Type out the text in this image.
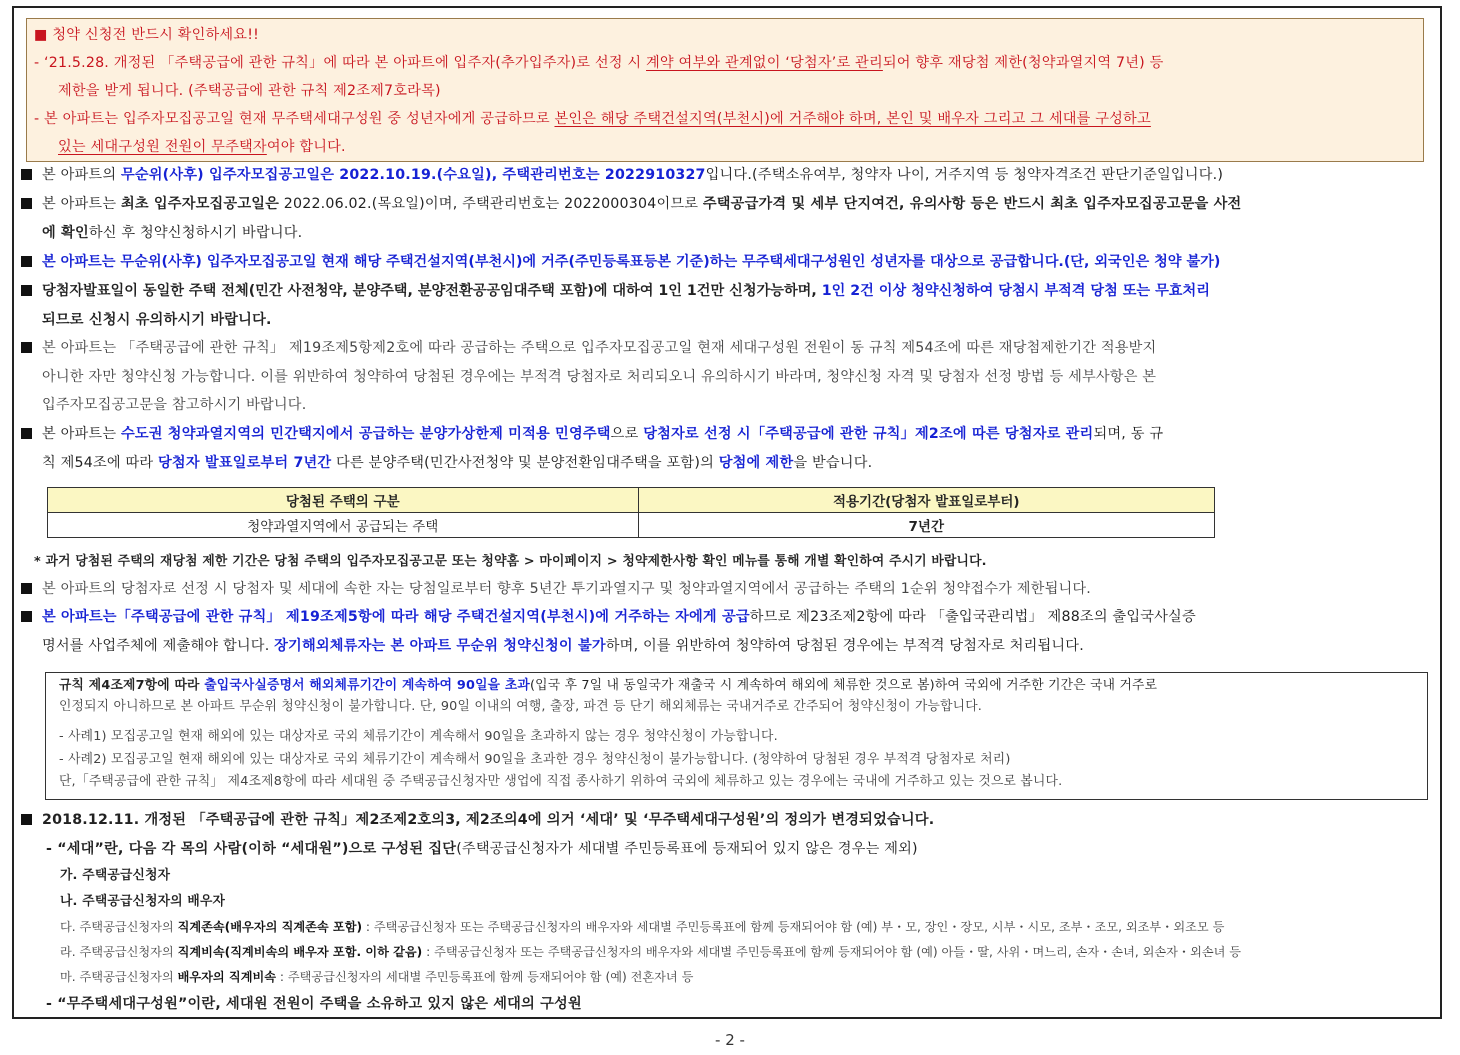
■ 청약 신청전 반드시 확인하세요!!
- ‘21.5.28. 개정된 「주택공급에 관한 규칙」에 따라 본 아파트에 입주자(추가입주자)로 선정 시 계약 여부와 관계없이 ‘당첨자’로 관리되어 향후 재당첨 제한(청약과열지역 7년) 등
제한을 받게 됩니다. (주택공급에 관한 규칙 제2조제7호라목)
- 본 아파트는 입주자모집공고일 현재 무주택세대구성원 중 성년자에게 공급하므로 본인은 해당 주택건설지역(부천시)에 거주해야 하며, 본인 및 배우자 그리고 그 세대를 구성하고
있는 세대구성원 전원이 무주택자여야 합니다.
본 아파트의 무순위(사후) 입주자모집공고일은 2022.10.19.(수요일), 주택관리번호는 2022910327입니다.(주택소유여부, 청약자 나이, 거주지역 등 청약자격조건 판단기준일입니다.)
본 아파트는 최초 입주자모집공고일은 2022.06.02.(목요일)이며, 주택관리번호는 2022000304이므로 주택공급가격 및 세부 단지여건, 유의사항 등은 반드시 최초 입주자모집공고문을 사전
에 확인하신 후 청약신청하시기 바랍니다.
본 아파트는 무순위(사후) 입주자모집공고일 현재 해당 주택건설지역(부천시)에 거주(주민등록표등본 기준)하는 무주택세대구성원인 성년자를 대상으로 공급합니다.(단, 외국인은 청약 불가)
당첨자발표일이 동일한 주택 전체(민간 사전청약, 분양주택, 분양전환공공임대주택 포함)에 대하여 1인 1건만 신청가능하며, 1인 2건 이상 청약신청하여 당첨시 부적격 당첨 또는 무효처리
되므로 신청시 유의하시기 바랍니다.
본 아파트는 「주택공급에 관한 규칙」 제19조제5항제2호에 따라 공급하는 주택으로 입주자모집공고일 현재 세대구성원 전원이 동 규칙 제54조에 따른 재당첨제한기간 적용받지
아니한 자만 청약신청 가능합니다. 이를 위반하여 청약하여 당첨된 경우에는 부적격 당첨자로 처리되오니 유의하시기 바라며, 청약신청 자격 및 당첨자 선정 방법 등 세부사항은 본
입주자모집공고문을 참고하시기 바랍니다.
본 아파트는 수도권 청약과열지역의 민간택지에서 공급하는 분양가상한제 미적용 민영주택으로 당첨자로 선정 시「주택공급에 관한 규칙」제2조에 따른 당첨자로 관리되며, 동 규
칙 제54조에 따라 당첨자 발표일로부터 7년간 다른 분양주택(민간사전청약 및 분양전환임대주택을 포함)의 당첨에 제한을 받습니다.
당첨된 주택의 구분	적용기간(당첨자 발표일로부터)
청약과열지역에서 공급되는 주택	7년간
* 과거 당첨된 주택의 재당첨 제한 기간은 당첨 주택의 입주자모집공고문 또는 청약홈 > 마이페이지 > 청약제한사항 확인 메뉴를 통해 개별 확인하여 주시기 바랍니다.
본 아파트의 당첨자로 선정 시 당첨자 및 세대에 속한 자는 당첨일로부터 향후 5년간 투기과열지구 및 청약과열지역에서 공급하는 주택의 1순위 청약접수가 제한됩니다.
본 아파트는「주택공급에 관한 규칙」 제19조제5항에 따라 해당 주택건설지역(부천시)에 거주하는 자에게 공급하므로 제23조제2항에 따라 「출입국관리법」 제88조의 출입국사실증
명서를 사업주체에 제출해야 합니다. 장기해외체류자는 본 아파트 무순위 청약신청이 불가하며, 이를 위반하여 청약하여 당첨된 경우에는 부적격 당첨자로 처리됩니다.
규칙 제4조제7항에 따라 출입국사실증명서 해외체류기간이 계속하여 90일을 초과(입국 후 7일 내 동일국가 재출국 시 계속하여 해외에 체류한 것으로 봄)하여 국외에 거주한 기간은 국내 거주로
인정되지 아니하므로 본 아파트 무순위 청약신청이 불가합니다. 단, 90일 이내의 여행, 출장, 파견 등 단기 해외체류는 국내거주로 간주되어 청약신청이 가능합니다.
- 사례1) 모집공고일 현재 해외에 있는 대상자로 국외 체류기간이 계속해서 90일을 초과하지 않는 경우 청약신청이 가능합니다.
- 사례2) 모집공고일 현재 해외에 있는 대상자로 국외 체류기간이 계속해서 90일을 초과한 경우 청약신청이 불가능합니다. (청약하여 당첨된 경우 부적격 당첨자로 처리)
단,「주택공급에 관한 규칙」 제4조제8항에 따라 세대원 중 주택공급신청자만 생업에 직접 종사하기 위하여 국외에 체류하고 있는 경우에는 국내에 거주하고 있는 것으로 봅니다.
2018.12.11. 개정된 「주택공급에 관한 규칙」제2조제2호의3, 제2조의4에 의거 ‘세대’ 및 ‘무주택세대구성원’의 정의가 변경되었습니다.
- “세대”란, 다음 각 목의 사람(이하 “세대원”)으로 구성된 집단(주택공급신청자가 세대별 주민등록표에 등재되어 있지 않은 경우는 제외)
가. 주택공급신청자
나. 주택공급신청자의 배우자
다. 주택공급신청자의 직계존속(배우자의 직계존속 포함) : 주택공급신청자 또는 주택공급신청자의 배우자와 세대별 주민등록표에 함께 등재되어야 함 (예) 부・모, 장인・장모, 시부・시모, 조부・조모, 외조부・외조모 등
라. 주택공급신청자의 직계비속(직계비속의 배우자 포함. 이하 같음) : 주택공급신청자 또는 주택공급신청자의 배우자와 세대별 주민등록표에 함께 등재되어야 함 (예) 아들・딸, 사위・며느리, 손자・손녀, 외손자・외손녀 등
마. 주택공급신청자의 배우자의 직계비속 : 주택공급신청자의 세대별 주민등록표에 함께 등재되어야 함 (예) 전혼자녀 등
- “무주택세대구성원”이란, 세대원 전원이 주택을 소유하고 있지 않은 세대의 구성원
- 2 -
